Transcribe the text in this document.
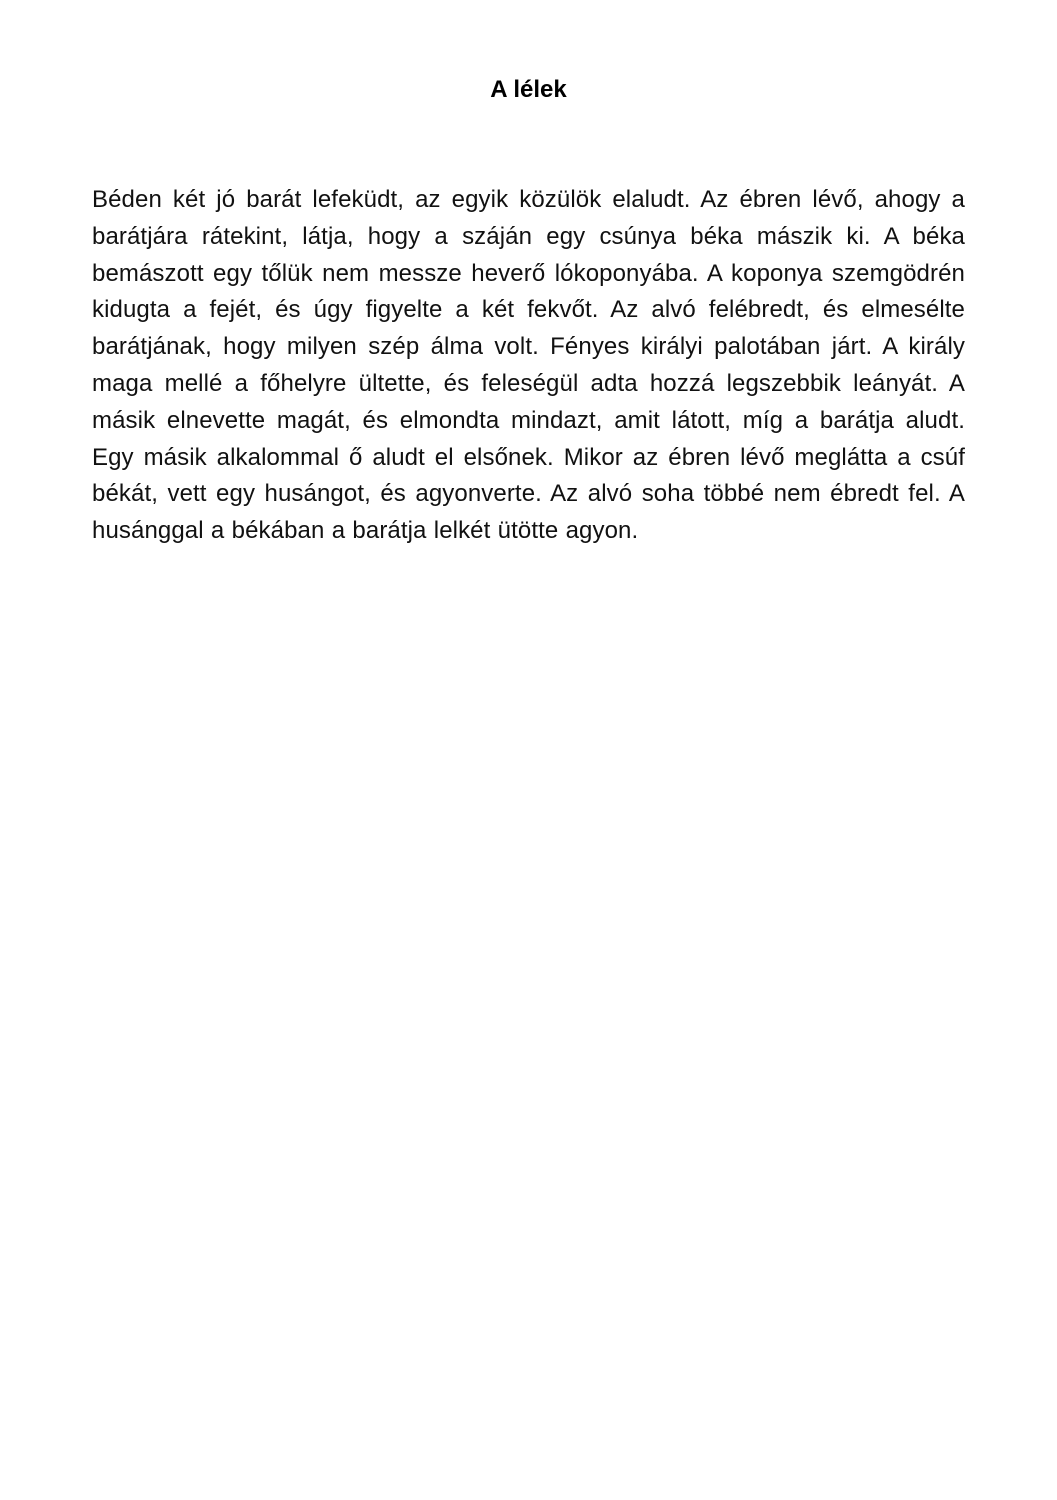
A lélek

Béden két jó barát lefeküdt, az egyik közülök elaludt. Az ébren lévő, ahogy a barátjára rátekint, látja, hogy a száján egy csúnya béka mászik ki. A béka bemászott egy tőlük nem messze heverő lókoponyába. A koponya szemgödrén kidugta a fejét, és úgy figyelte a két fekvőt. Az alvó felébredt, és elmesélte barátjának, hogy milyen szép álma volt. Fényes királyi palotában járt. A király maga mellé a főhelyre ültette, és feleségül adta hozzá legszebbik leányát. A másik elnevette magát, és elmondta mindazt, amit látott, míg a barátja aludt. Egy másik alkalommal ő aludt el elsőnek. Mikor az ébren lévő meglátta a csúf békát, vett egy husángot, és agyonverte. Az alvó soha többé nem ébredt fel. A husánggal a békában a barátja lelkét ütötte agyon.
